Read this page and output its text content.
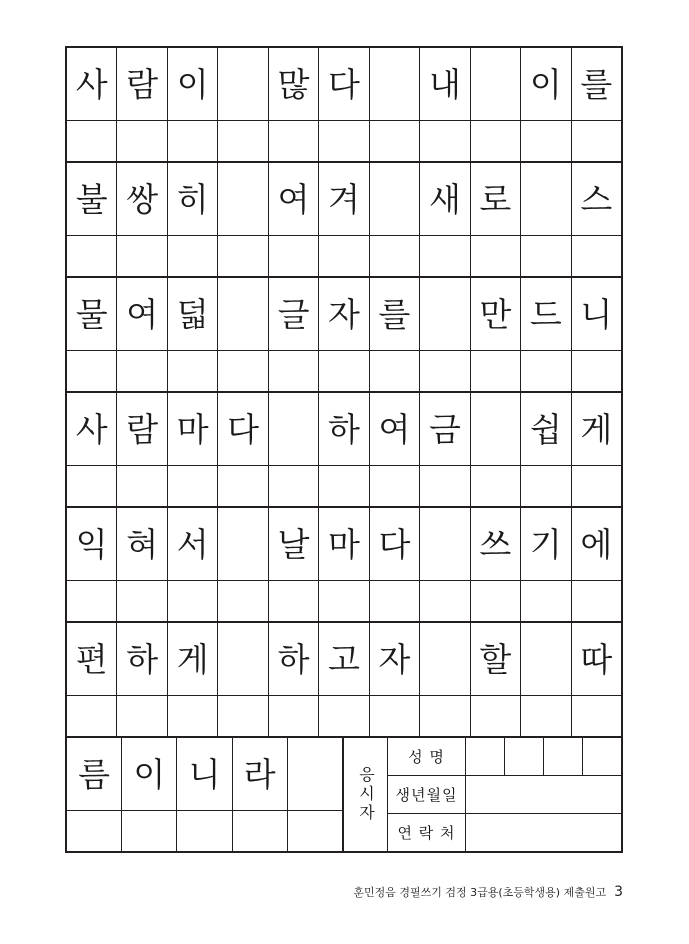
사 람 이 많 다 내 이 를
불 쌍 히 여 겨 새 로 스
물 여 덟 글 자 를 만 드 니
사 람 마 다 하 여 금 쉽 게
익 혀 서 날 마 다 쓰 기 에
편 하 게 하 고 자 할 따
름 이 니 라	응시자
성 명
생년월일
연 락 처
훈민정음 경필쓰기 검정 3급용(초등학생용) 제출원고 3
